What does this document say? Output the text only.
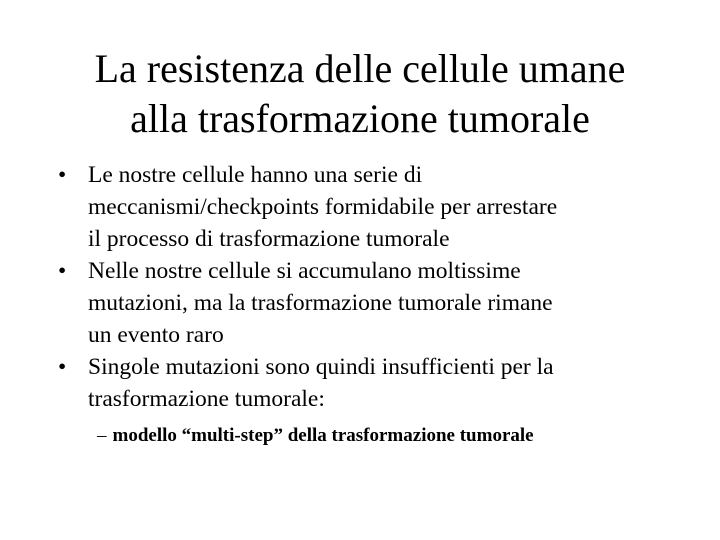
La resistenza delle cellule umane
alla trasformazione tumorale
• Le nostre cellule hanno una serie di
meccanismi/checkpoints formidabile per arrestare
il processo di trasformazione tumorale
• Nelle nostre cellule si accumulano moltissime
mutazioni, ma la trasformazione tumorale rimane
un evento raro
• Singole mutazioni sono quindi insufficienti per la
trasformazione tumorale:
– modello “multi-step” della trasformazione tumorale
